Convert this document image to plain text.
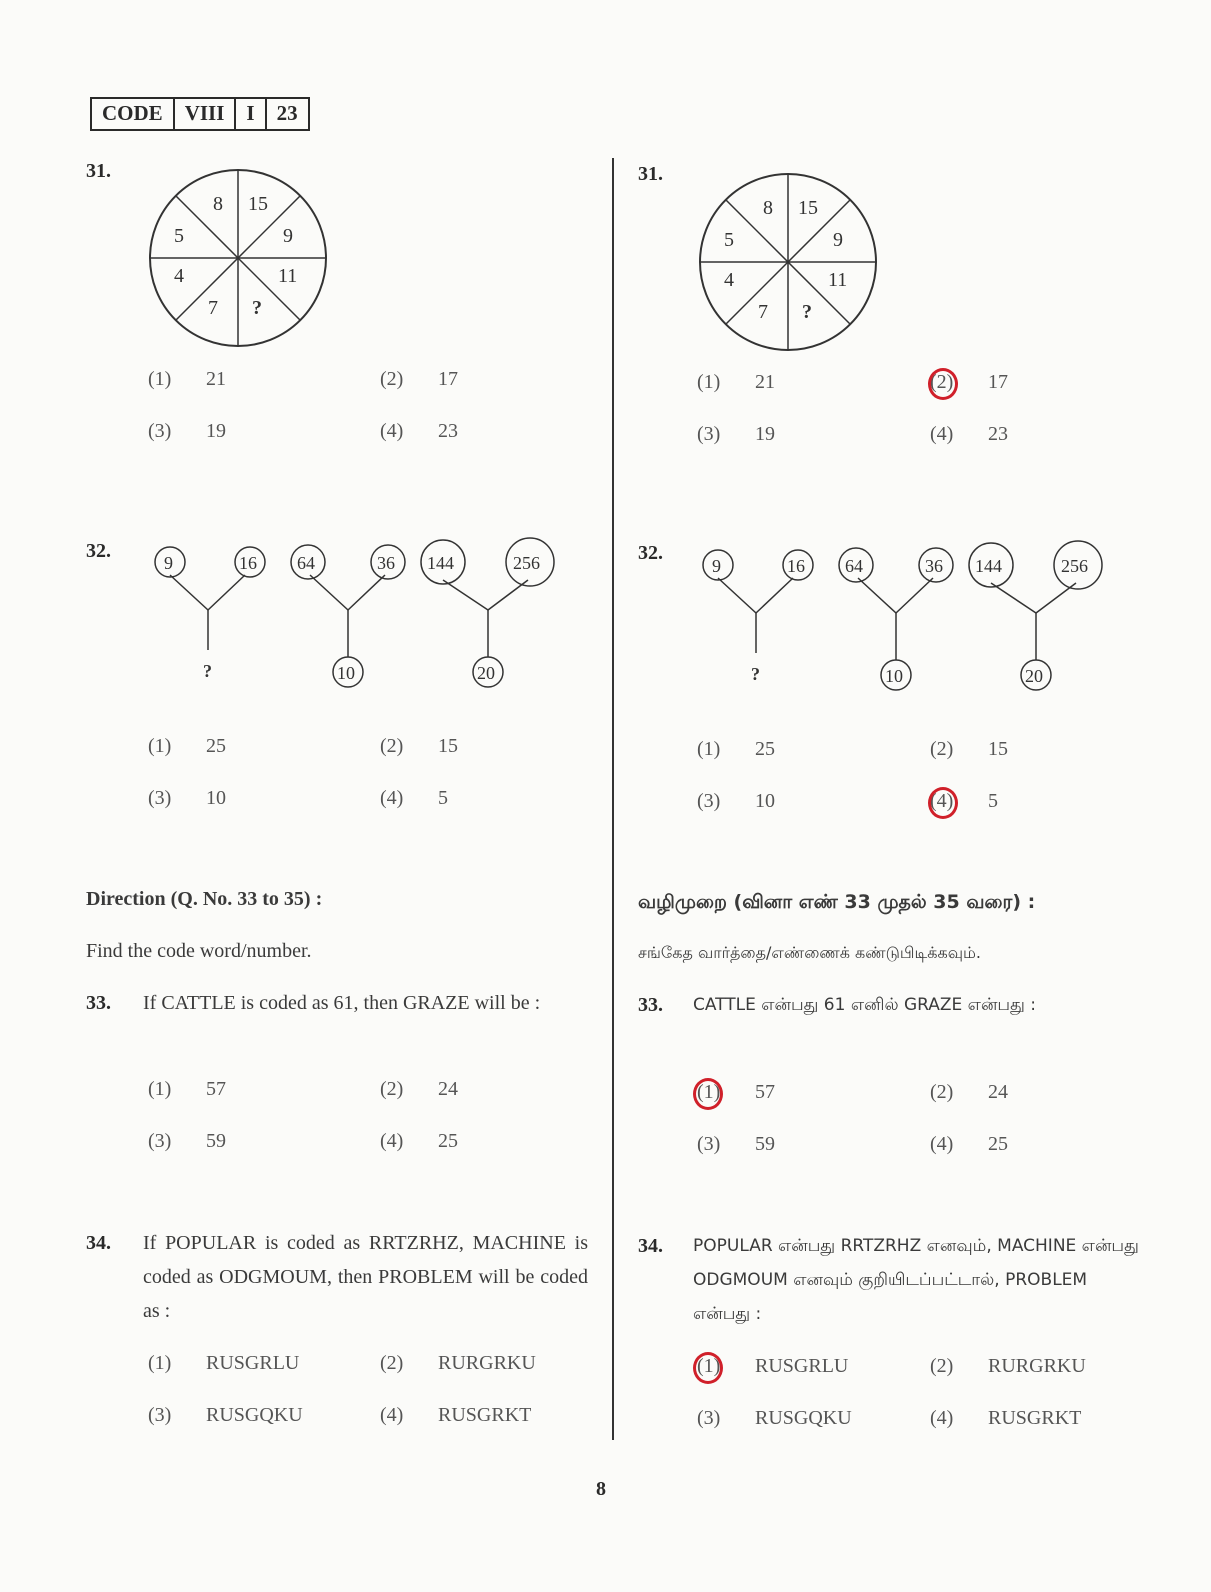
CODE	VIII	I	23
31.
8 15
9
11
?
7
4
5
(1) 21	(2) 17
(3) 19	(4) 23
32.
9	16
?
64	36
10
144	256
20
(1) 25	(2) 15
(3) 10	(4) 5
Direction (Q. No. 33 to 35) :
Find the code word/number.
33. If CATTLE is coded as 61, then GRAZE will be :
(1) 57	(2) 24
(3) 59	(4) 25
34. If POPULAR is coded as RRTZRHZ, MACHINE is coded as ODGMOUM, then PROBLEM will be coded as :
(1) RUSGRLU	(2) RURGRKU
(3) RUSGQKU	(4) RUSGRKT
31.
8 15
9
11
?
7
4
5
(1) 21	(2) 17
(3) 19	(4) 23
32.
9	16
?
64	36
10
144	256
20
(1) 25	(2) 15
(3) 10	(4) 5
வழிமுறை (வினா எண் 33 முதல் 35 வரை) :
சங்கேத வார்த்தை/எண்ணைக் கண்டுபிடிக்கவும்.
33. CATTLE என்பது 61 எனில் GRAZE என்பது :
(1) 57	(2) 24
(3) 59	(4) 25
34. POPULAR என்பது RRTZRHZ எனவும், MACHINE என்பது ODGMOUM எனவும் குறியிடப்பட்டால், PROBLEM என்பது :
(1) RUSGRLU	(2) RURGRKU
(3) RUSGQKU	(4) RUSGRKT
8
